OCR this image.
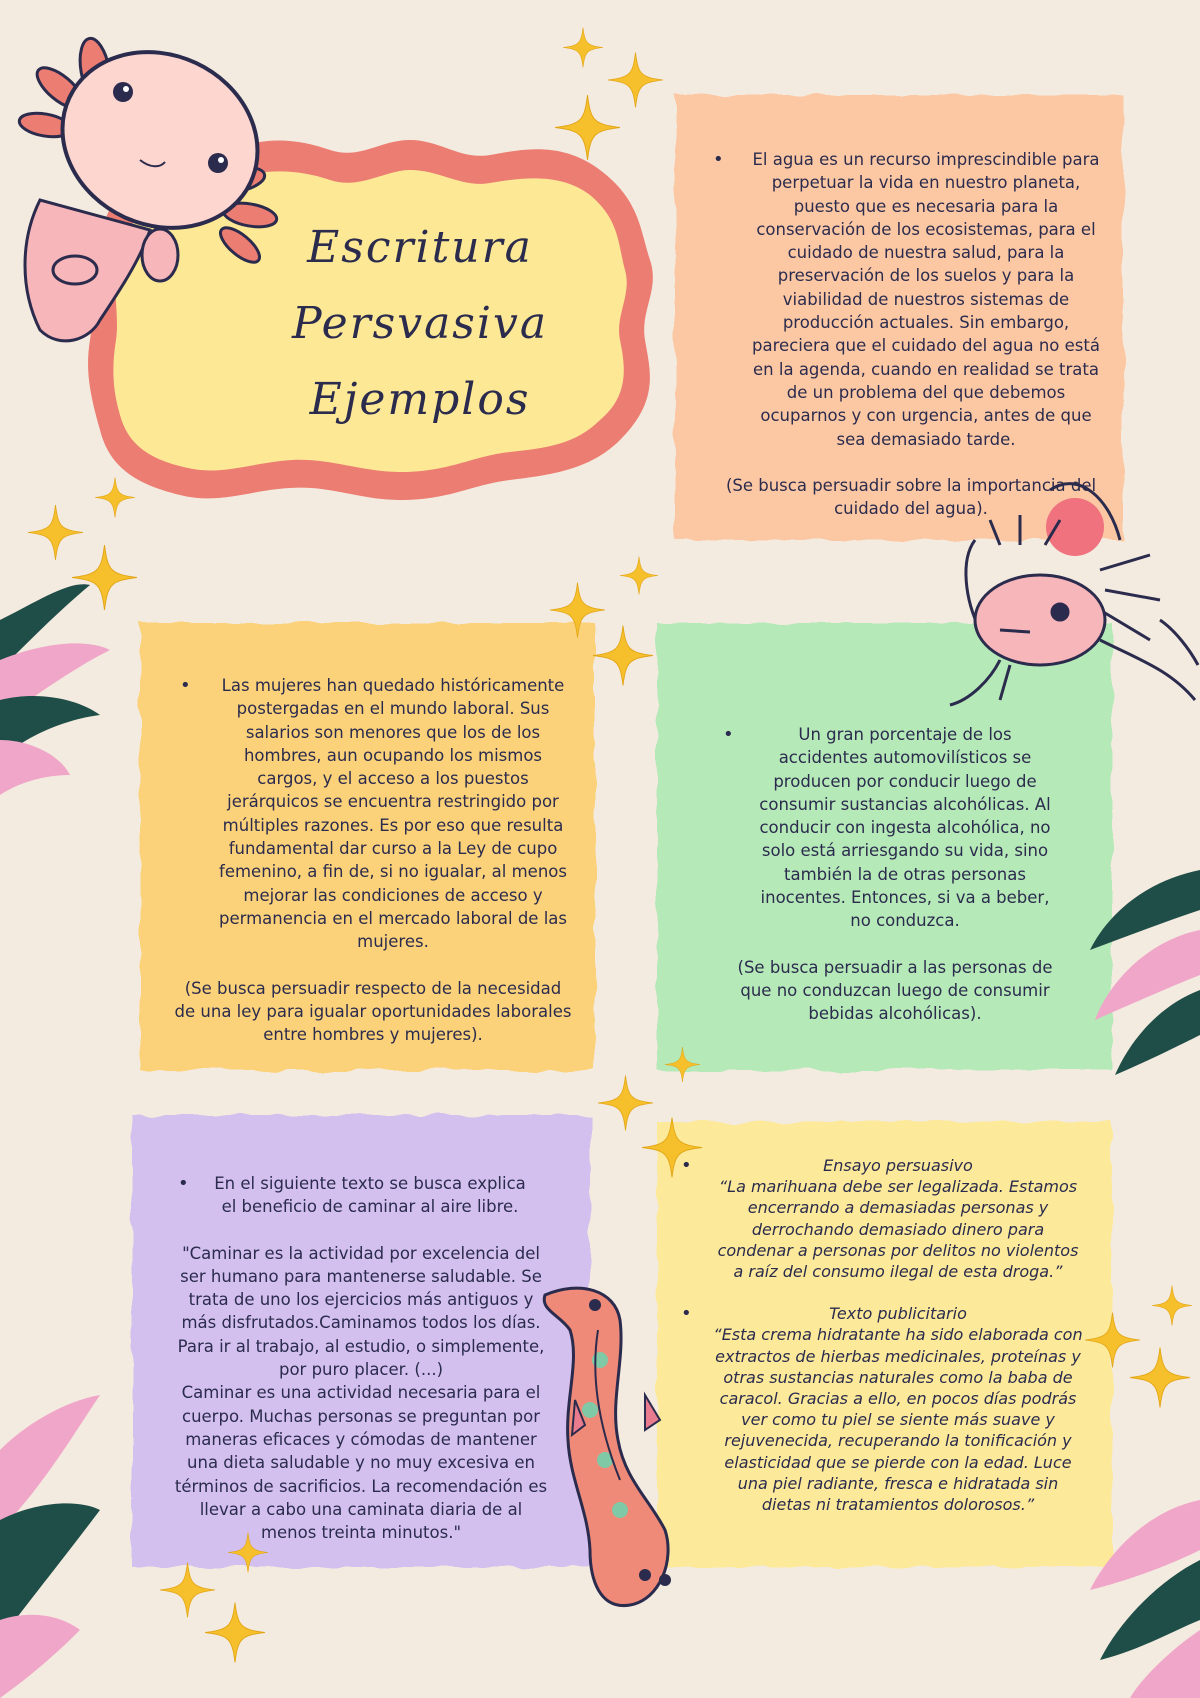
Escritura
Persvasiva
Ejemplos
• El agua es un recurso imprescindible para perpetuar la vida en nuestro planeta, puesto que es necesaria para la conservación de los ecosistemas, para el cuidado de nuestra salud, para la preservación de los suelos y para la viabilidad de nuestros sistemas de producción actuales. Sin embargo, pareciera que el cuidado del agua no está en la agenda, cuando en realidad se trata de un problema del que debemos ocuparnos y con urgencia, antes de que sea demasiado tarde.

(Se busca persuadir sobre la importancia del cuidado del agua).

• Las mujeres han quedado históricamente postergadas en el mundo laboral. Sus salarios son menores que los de los hombres, aun ocupando los mismos cargos, y el acceso a los puestos jerárquicos se encuentra restringido por múltiples razones. Es por eso que resulta fundamental dar curso a la Ley de cupo femenino, a fin de, si no igualar, al menos mejorar las condiciones de acceso y permanencia en el mercado laboral de las mujeres.

(Se busca persuadir respecto de la necesidad de una ley para igualar oportunidades laborales entre hombres y mujeres).

• Un gran porcentaje de los accidentes automovilísticos se producen por conducir luego de consumir sustancias alcohólicas. Al conducir con ingesta alcohólica, no solo está arriesgando su vida, sino también la de otras personas inocentes. Entonces, si va a beber, no conduzca.

(Se busca persuadir a las personas de que no conduzcan luego de consumir bebidas alcohólicas).

• En el siguiente texto se busca explica el beneficio de caminar al aire libre.

"Caminar es la actividad por excelencia del ser humano para mantenerse saludable. Se trata de uno los ejercicios más antiguos y más disfrutados.Caminamos todos los días. Para ir al trabajo, al estudio, o simplemente, por puro placer. (...)

Caminar es una actividad necesaria para el cuerpo. Muchas personas se preguntan por maneras eficaces y cómodas de mantener una dieta saludable y no muy excesiva en términos de sacrificios. La recomendación es llevar a cabo una caminata diaria de al menos treinta minutos."

• Ensayo persuasivo

“La marihuana debe ser legalizada. Estamos encerrando a demasiadas personas y derrochando demasiado dinero para condenar a personas por delitos no violentos a raíz del consumo ilegal de esta droga.”

• Texto publicitario

“Esta crema hidratante ha sido elaborada con extractos de hierbas medicinales, proteínas y otras sustancias naturales como la baba de caracol. Gracias a ello, en pocos días podrás ver como tu piel se siente más suave y rejuvenecida, recuperando la tonificación y elasticidad que se pierde con la edad. Luce una piel radiante, fresca e hidratada sin dietas ni tratamientos dolorosos.”
